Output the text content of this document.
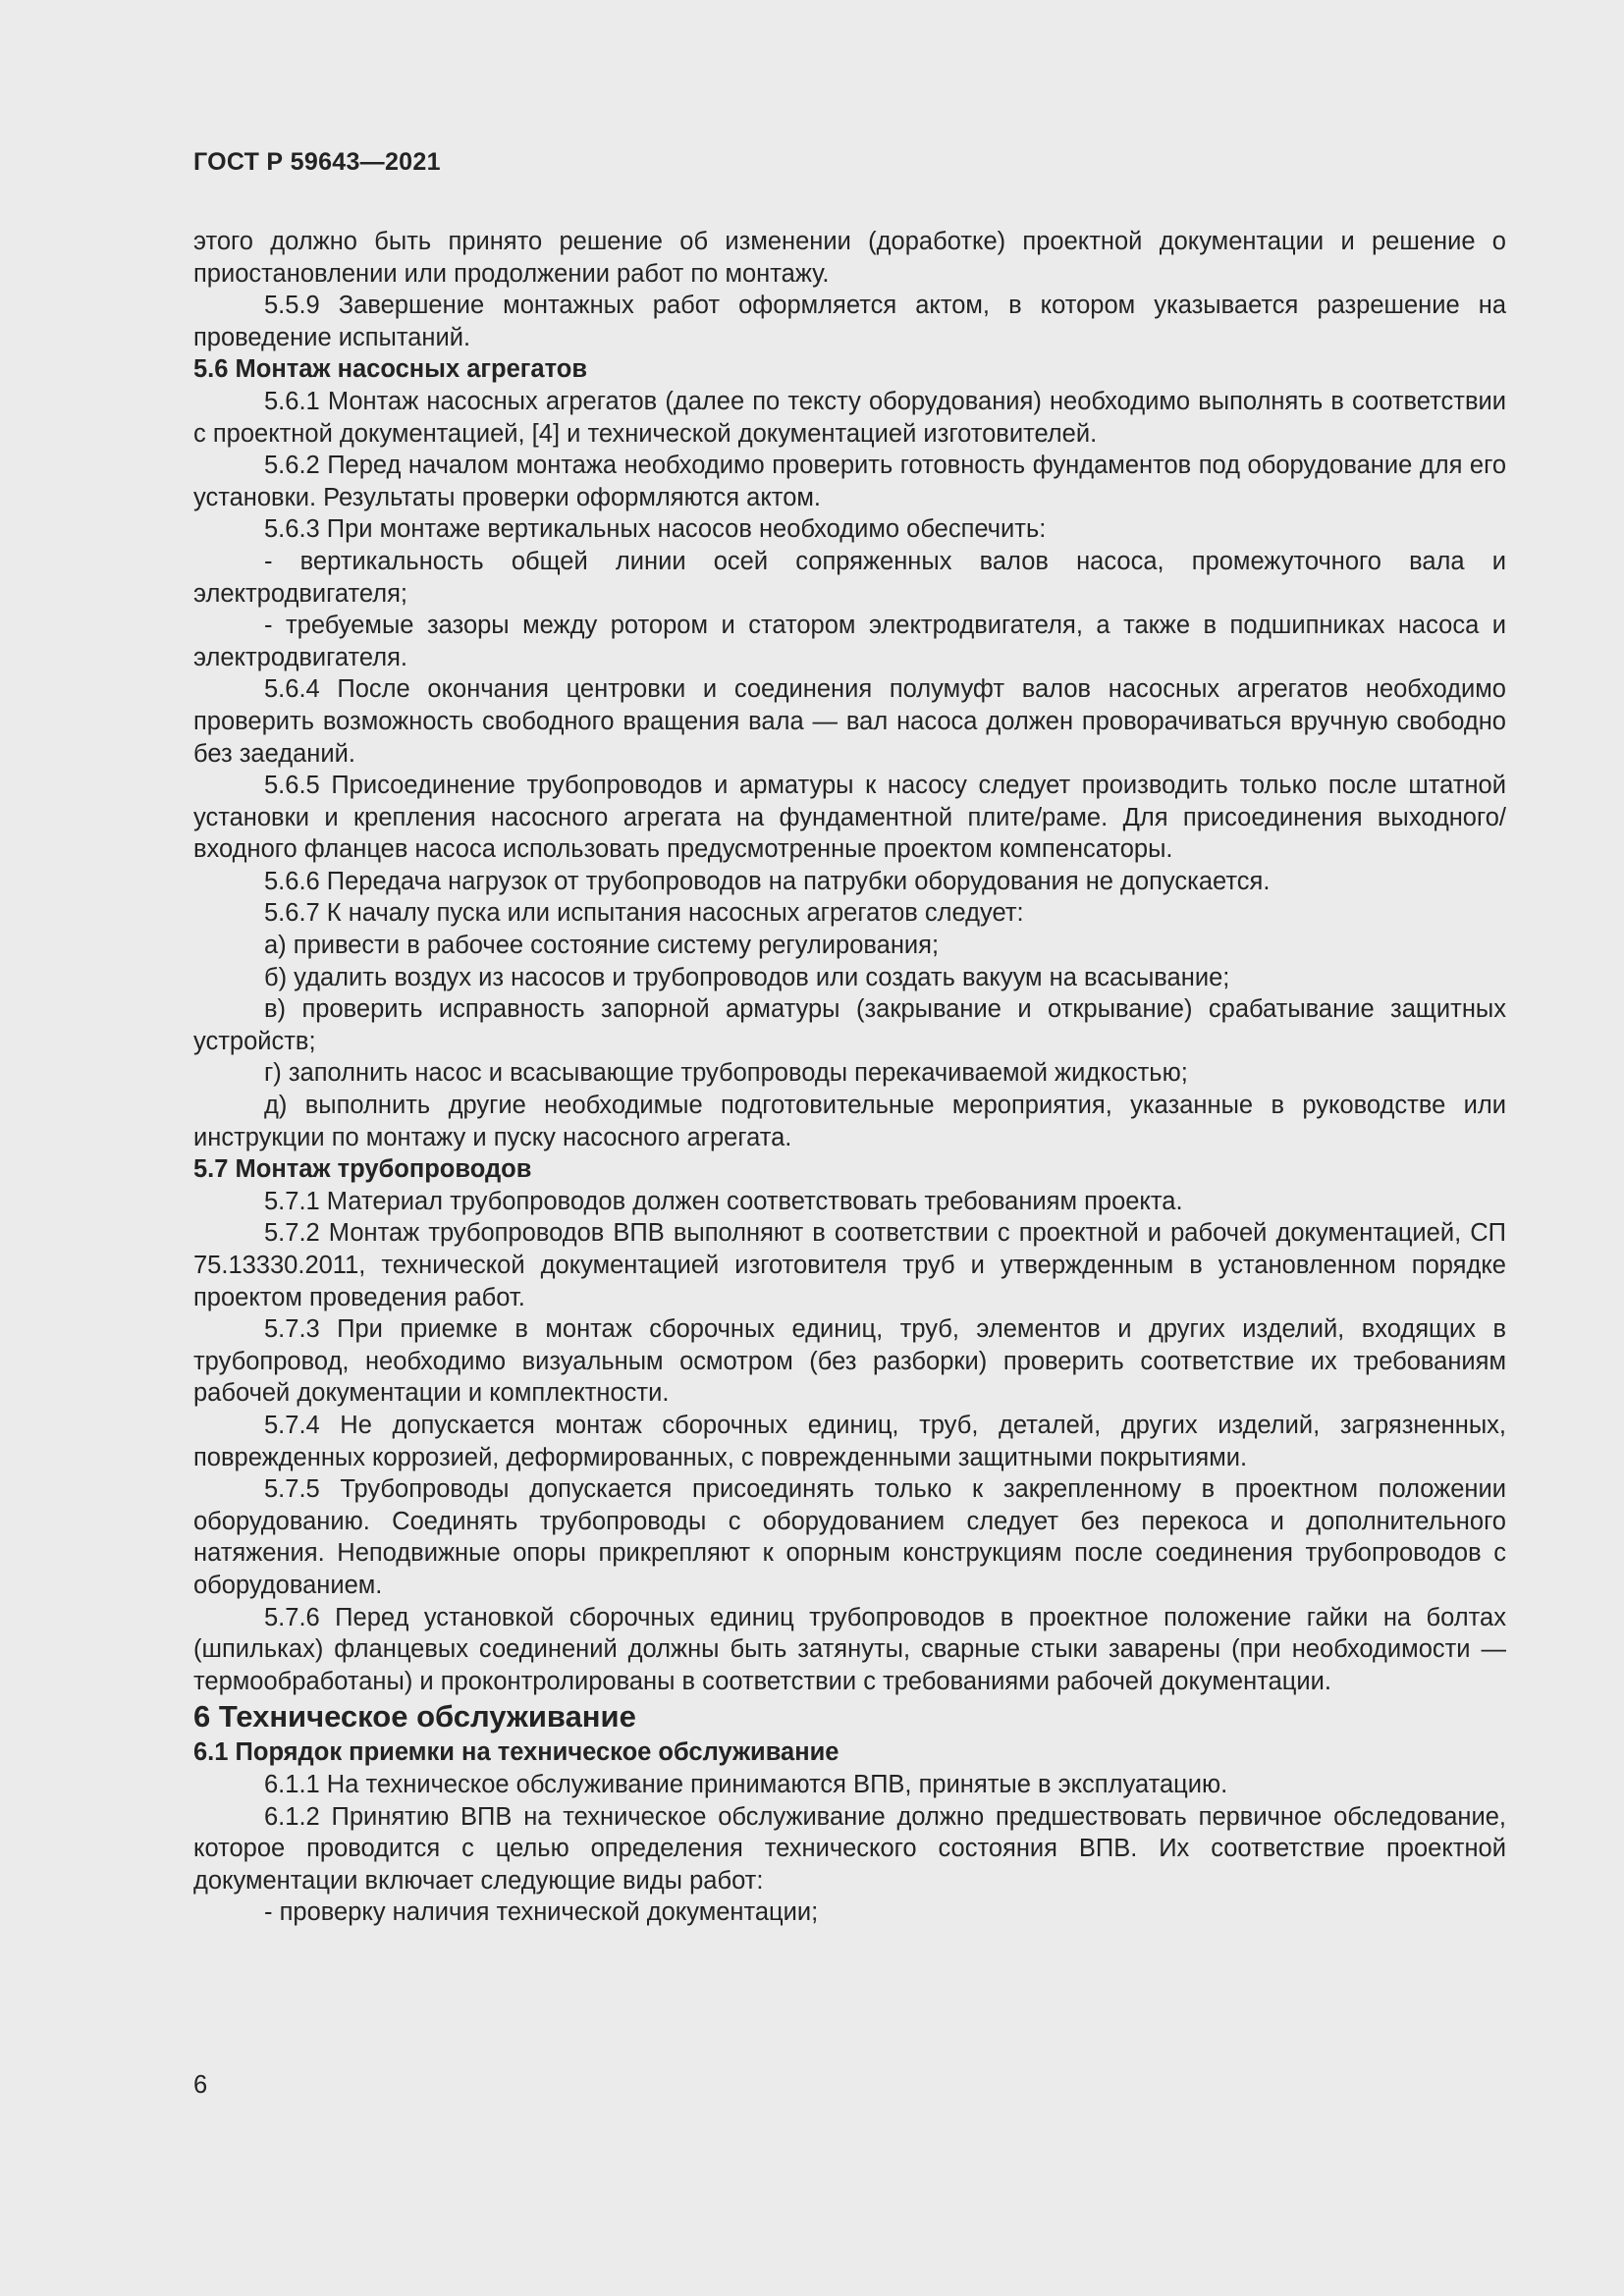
ГОСТ Р 59643—2021

этого должно быть принято решение об изменении (доработке) проектной документации и решение о приостановлении или продолжении работ по монтажу.

5.5.9 Завершение монтажных работ оформляется актом, в котором указывается разрешение на проведение испытаний.

5.6 Монтаж насосных агрегатов

5.6.1 Монтаж насосных агрегатов (далее по тексту оборудования) необходимо выполнять в соответствии с проектной документацией, [4] и технической документацией изготовителей.

5.6.2 Перед началом монтажа необходимо проверить готовность фундаментов под оборудование для его установки. Результаты проверки оформляются актом.

5.6.3 При монтаже вертикальных насосов необходимо обеспечить:

- вертикальность общей линии осей сопряженных валов насоса, промежуточного вала и электродвигателя;

- требуемые зазоры между ротором и статором электродвигателя, а также в подшипниках насоса и электродвигателя.

5.6.4 После окончания центровки и соединения полумуфт валов насосных агрегатов необходимо проверить возможность свободного вращения вала — вал насоса должен проворачиваться вручную свободно без заеданий.

5.6.5 Присоединение трубопроводов и арматуры к насосу следует производить только после штатной установки и крепления насосного агрегата на фундаментной плите/раме. Для присоединения выходного/входного фланцев насоса использовать предусмотренные проектом компенсаторы.

5.6.6 Передача нагрузок от трубопроводов на патрубки оборудования не допускается.

5.6.7 К началу пуска или испытания насосных агрегатов следует:

а) привести в рабочее состояние систему регулирования;

б) удалить воздух из насосов и трубопроводов или создать вакуум на всасывание;

в) проверить исправность запорной арматуры (закрывание и открывание) срабатывание защитных устройств;

г) заполнить насос и всасывающие трубопроводы перекачиваемой жидкостью;

д) выполнить другие необходимые подготовительные мероприятия, указанные в руководстве или инструкции по монтажу и пуску насосного агрегата.

5.7 Монтаж трубопроводов

5.7.1 Материал трубопроводов должен соответствовать требованиям проекта.

5.7.2 Монтаж трубопроводов ВПВ выполняют в соответствии с проектной и рабочей документацией, СП 75.13330.2011, технической документацией изготовителя труб и утвержденным в установленном порядке проектом проведения работ.

5.7.3 При приемке в монтаж сборочных единиц, труб, элементов и других изделий, входящих в трубопровод, необходимо визуальным осмотром (без разборки) проверить соответствие их требованиям рабочей документации и комплектности.

5.7.4 Не допускается монтаж сборочных единиц, труб, деталей, других изделий, загрязненных, поврежденных коррозией, деформированных, с поврежденными защитными покрытиями.

5.7.5 Трубопроводы допускается присоединять только к закрепленному в проектном положении оборудованию. Соединять трубопроводы с оборудованием следует без перекоса и дополнительного натяжения. Неподвижные опоры прикрепляют к опорным конструкциям после соединения трубопроводов с оборудованием.

5.7.6 Перед установкой сборочных единиц трубопроводов в проектное положение гайки на болтах (шпильках) фланцевых соединений должны быть затянуты, сварные стыки заварены (при необходимости — термообработаны) и проконтролированы в соответствии с требованиями рабочей документации.

6 Техническое обслуживание

6.1 Порядок приемки на техническое обслуживание

6.1.1 На техническое обслуживание принимаются ВПВ, принятые в эксплуатацию.

6.1.2 Принятию ВПВ на техническое обслуживание должно предшествовать первичное обследование, которое проводится с целью определения технического состояния ВПВ. Их соответствие проектной документации включает следующие виды работ:

- проверку наличия технической документации;

6
